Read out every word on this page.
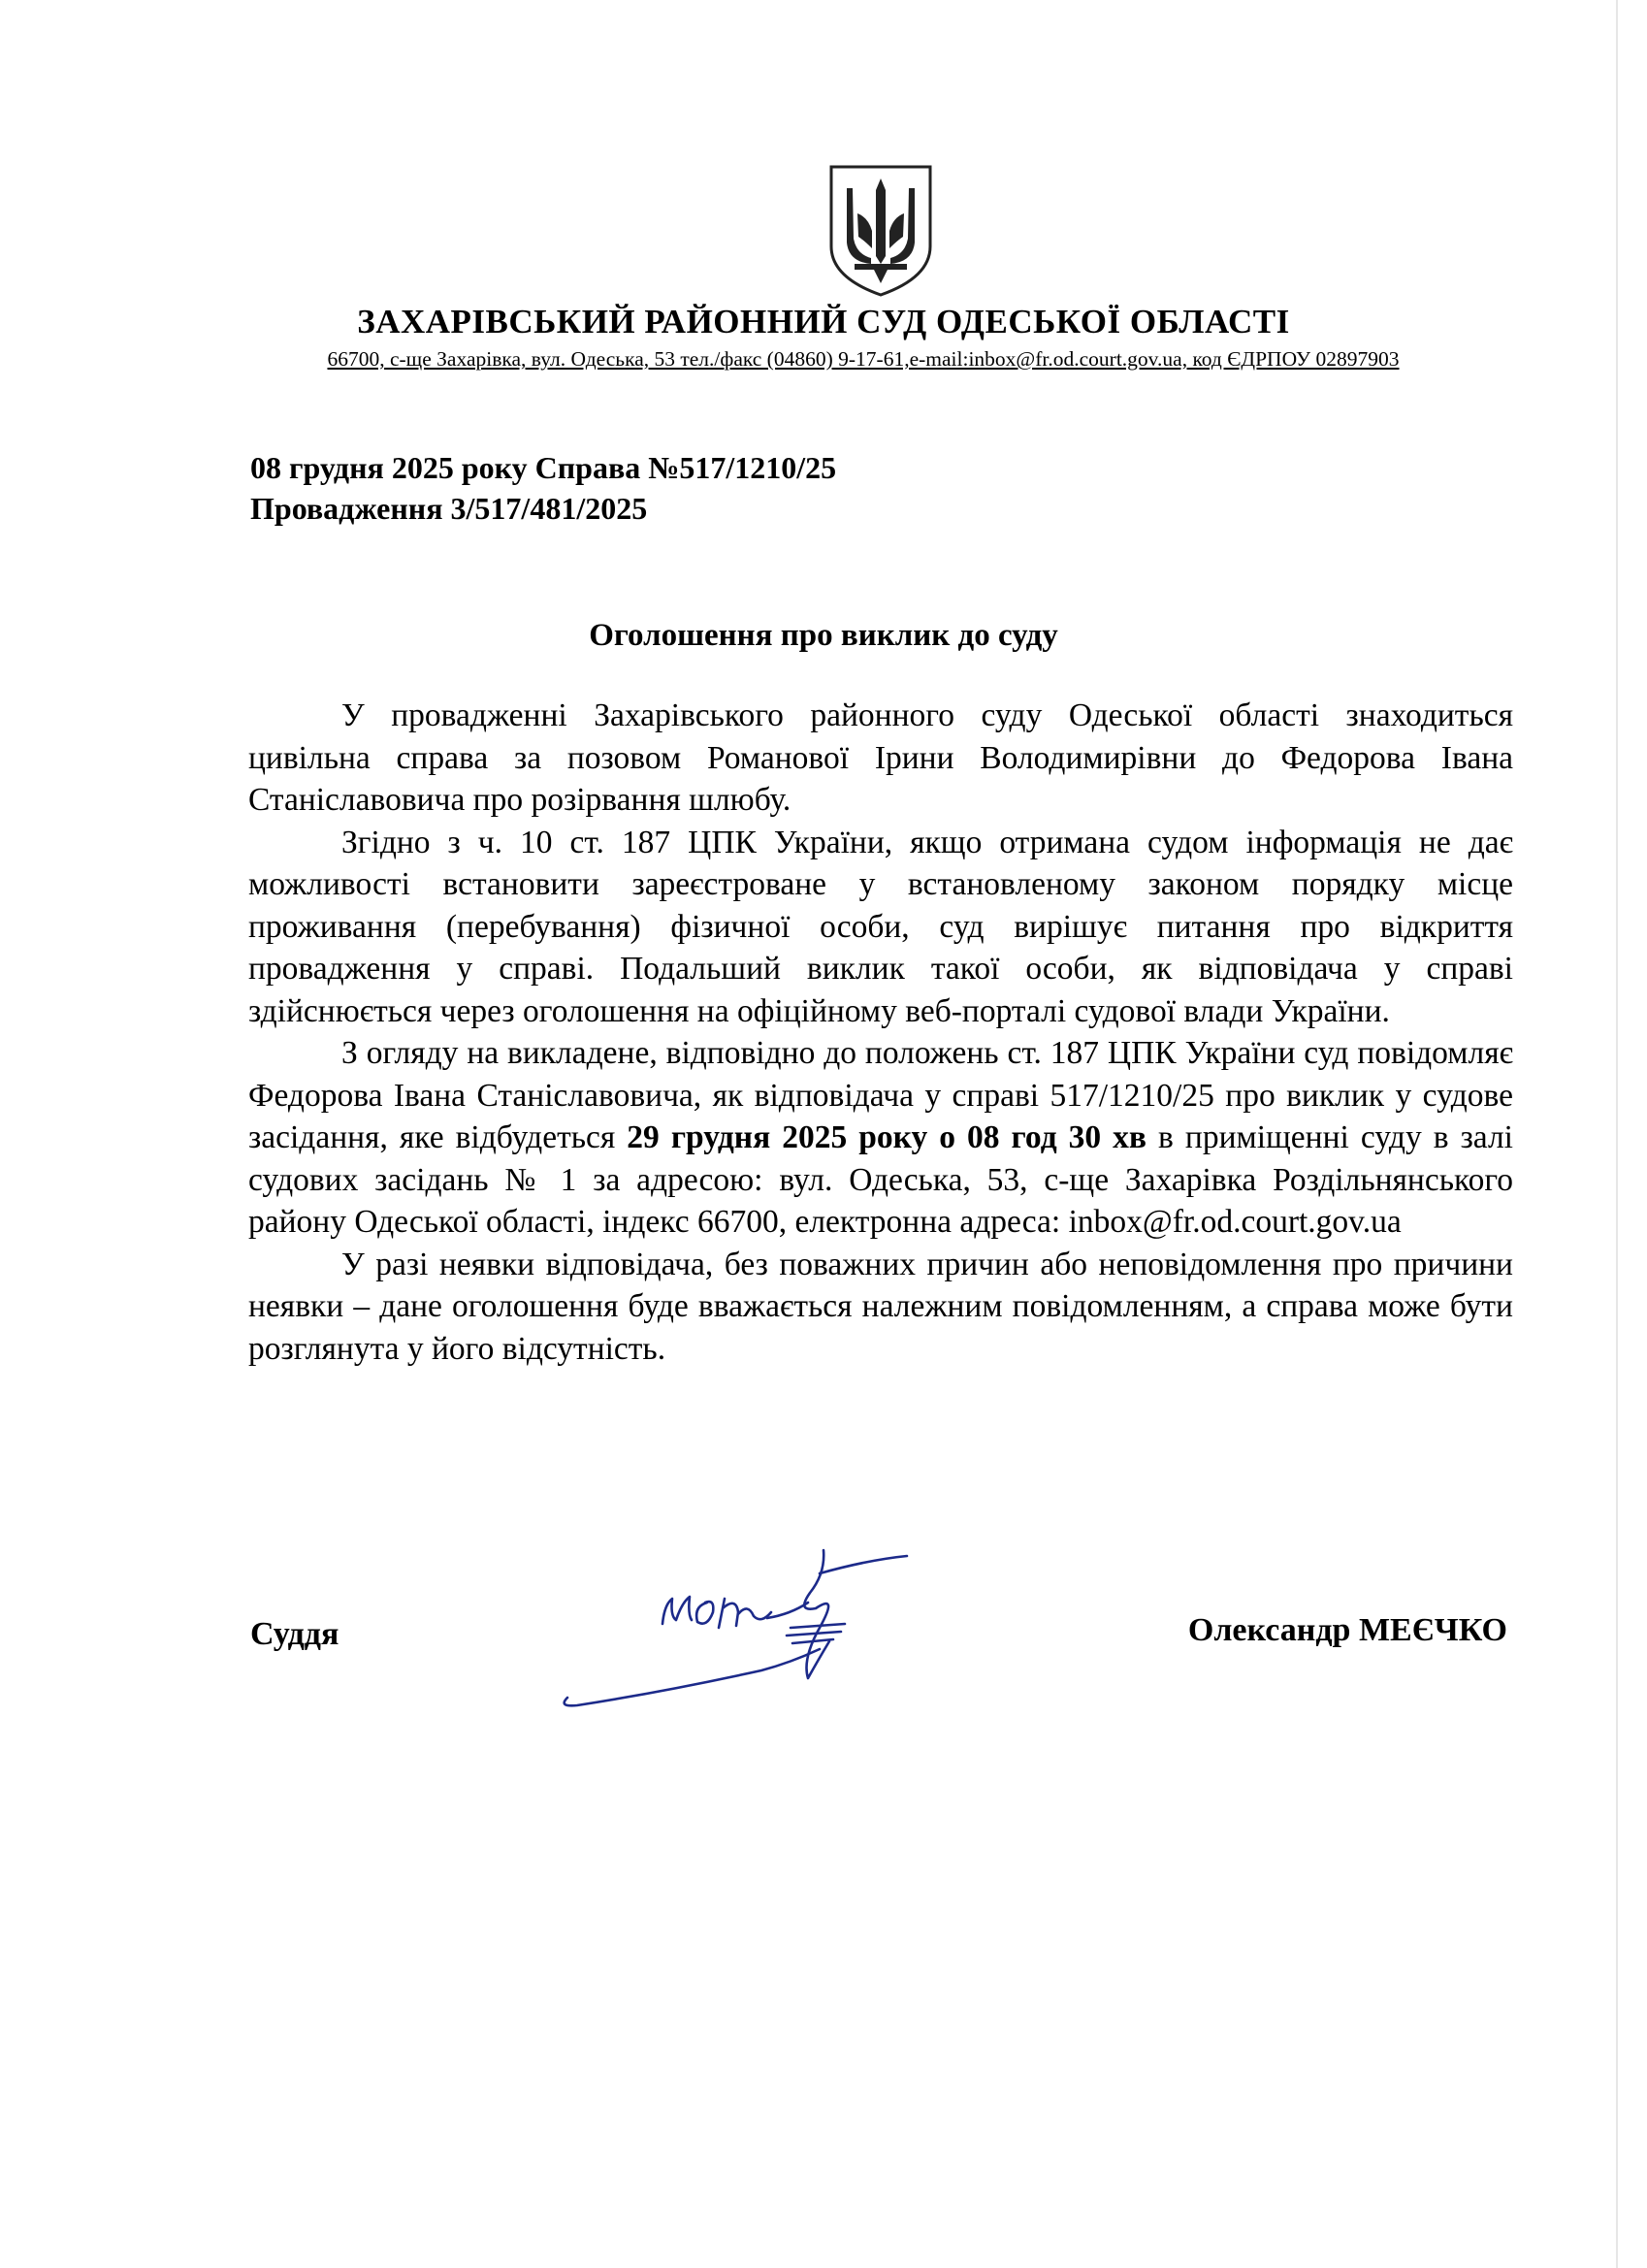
ЗАХАРІВСЬКИЙ РАЙОННИЙ СУД ОДЕСЬКОЇ ОБЛАСТІ
66700, с-ще Захарівка, вул. Одеська, 53 тел./факс (04860) 9-17-61,e-mail:inbox@fr.od.court.gov.ua, код ЄДРПОУ 02897903
08 грудня 2025 року Справа №517/1210/25
Провадження 3/517/481/2025
Оголошення про виклик до суду

У провадженні Захарівського районного суду Одеської області знаходиться цивільна справа за позовом Романової Ірини Володимирівни до Федорова Івана Станіславовича про розірвання шлюбу.

Згідно з ч. 10 ст. 187 ЦПК України, якщо отримана судом інформація не дає можливості встановити зареєстроване у встановленому законом порядку місце проживання (перебування) фізичної особи, суд вирішує питання про відкриття провадження у справі. Подальший виклик такої особи, як відповідача у справі здійснюється через оголошення на офіційному веб-порталі судової влади України.

З огляду на викладене, відповідно до положень ст. 187 ЦПК України суд повідомляє Федорова Івана Станіславовича, як відповідача у справі 517/1210/25 про виклик у судове засідання, яке відбудеться 29 грудня 2025 року о 08 год 30 хв в приміщенні суду в залі судових засідань № 1 за адресою: вул. Одеська, 53, с-ще Захарівка Роздільнянського району Одеської області, індекс 66700, електронна адреса: inbox@fr.od.court.gov.ua

У разі неявки відповідача, без поважних причин або неповідомлення про причини неявки – дане оголошення буде вважається належним повідомленням, а справа може бути розглянута у його відсутність.

Суддя	Олександр МЕЄЧКО
